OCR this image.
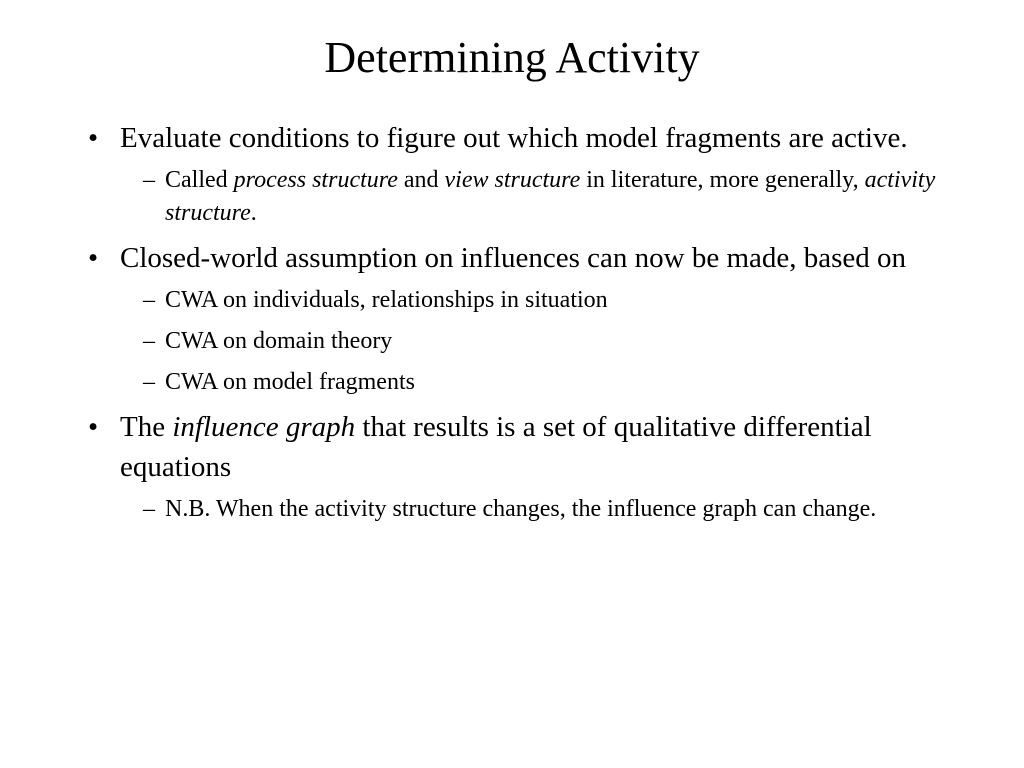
Determining Activity
• Evaluate conditions to figure out which model fragments are active.
– Called process structure and view structure in literature, more generally, activity structure.
• Closed-world assumption on influences can now be made, based on
– CWA on individuals, relationships in situation
– CWA on domain theory
– CWA on model fragments
• The influence graph that results is a set of qualitative differential equations
– N.B. When the activity structure changes, the influence graph can change.
